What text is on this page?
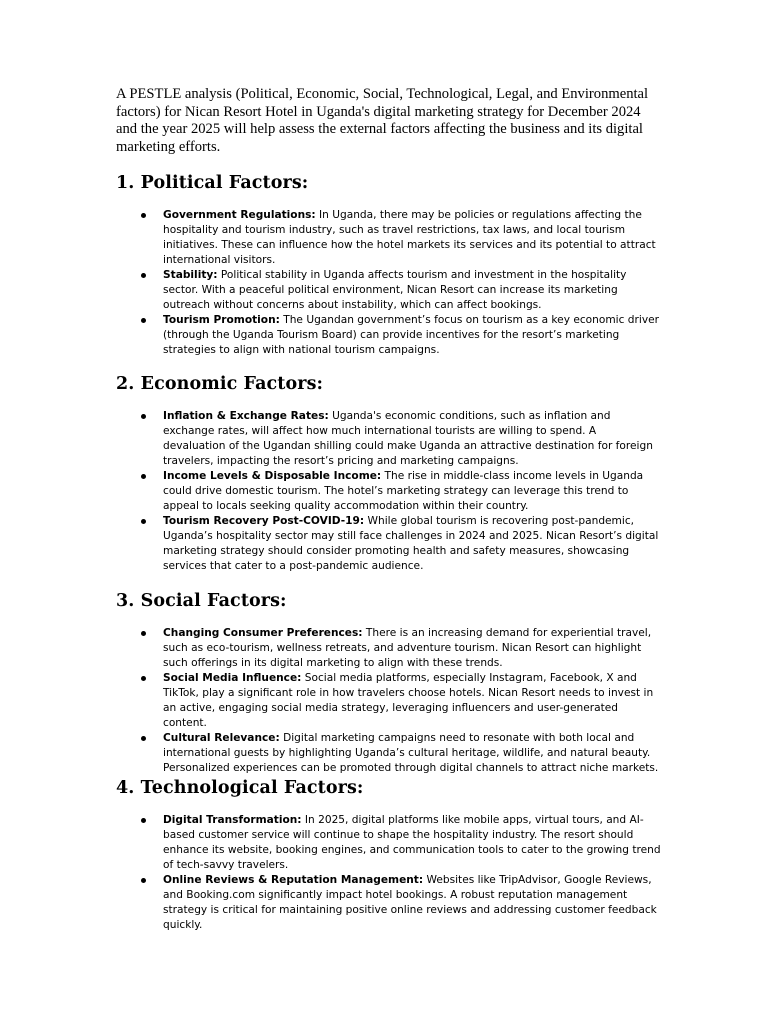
A PESTLE analysis (Political, Economic, Social, Technological, Legal, and Environmental factors) for Nican Resort Hotel in Uganda's digital marketing strategy for December 2024 and the year 2025 will help assess the external factors affecting the business and its digital marketing efforts.

1. Political Factors:
Government Regulations: In Uganda, there may be policies or regulations affecting the hospitality and tourism industry, such as travel restrictions, tax laws, and local tourism initiatives. These can influence how the hotel markets its services and its potential to attract international visitors.
Stability: Political stability in Uganda affects tourism and investment in the hospitality sector. With a peaceful political environment, Nican Resort can increase its marketing outreach without concerns about instability, which can affect bookings.
Tourism Promotion: The Ugandan government’s focus on tourism as a key economic driver (through the Uganda Tourism Board) can provide incentives for the resort’s marketing strategies to align with national tourism campaigns.
2. Economic Factors:
Inflation & Exchange Rates: Uganda's economic conditions, such as inflation and exchange rates, will affect how much international tourists are willing to spend. A devaluation of the Ugandan shilling could make Uganda an attractive destination for foreign travelers, impacting the resort’s pricing and marketing campaigns.
Income Levels & Disposable Income: The rise in middle-class income levels in Uganda could drive domestic tourism. The hotel’s marketing strategy can leverage this trend to appeal to locals seeking quality accommodation within their country.
Tourism Recovery Post-COVID-19: While global tourism is recovering post-pandemic, Uganda’s hospitality sector may still face challenges in 2024 and 2025. Nican Resort’s digital marketing strategy should consider promoting health and safety measures, showcasing services that cater to a post-pandemic audience.
3. Social Factors:
Changing Consumer Preferences: There is an increasing demand for experiential travel, such as eco-tourism, wellness retreats, and adventure tourism. Nican Resort can highlight such offerings in its digital marketing to align with these trends.
Social Media Influence: Social media platforms, especially Instagram, Facebook, X and TikTok, play a significant role in how travelers choose hotels. Nican Resort needs to invest in an active, engaging social media strategy, leveraging influencers and user-generated content.
Cultural Relevance: Digital marketing campaigns need to resonate with both local and international guests by highlighting Uganda’s cultural heritage, wildlife, and natural beauty. Personalized experiences can be promoted through digital channels to attract niche markets.
4. Technological Factors:
Digital Transformation: In 2025, digital platforms like mobile apps, virtual tours, and AI-based customer service will continue to shape the hospitality industry. The resort should enhance its website, booking engines, and communication tools to cater to the growing trend of tech-savvy travelers.
Online Reviews & Reputation Management: Websites like TripAdvisor, Google Reviews, and Booking.com significantly impact hotel bookings. A robust reputation management strategy is critical for maintaining positive online reviews and addressing customer feedback quickly.
